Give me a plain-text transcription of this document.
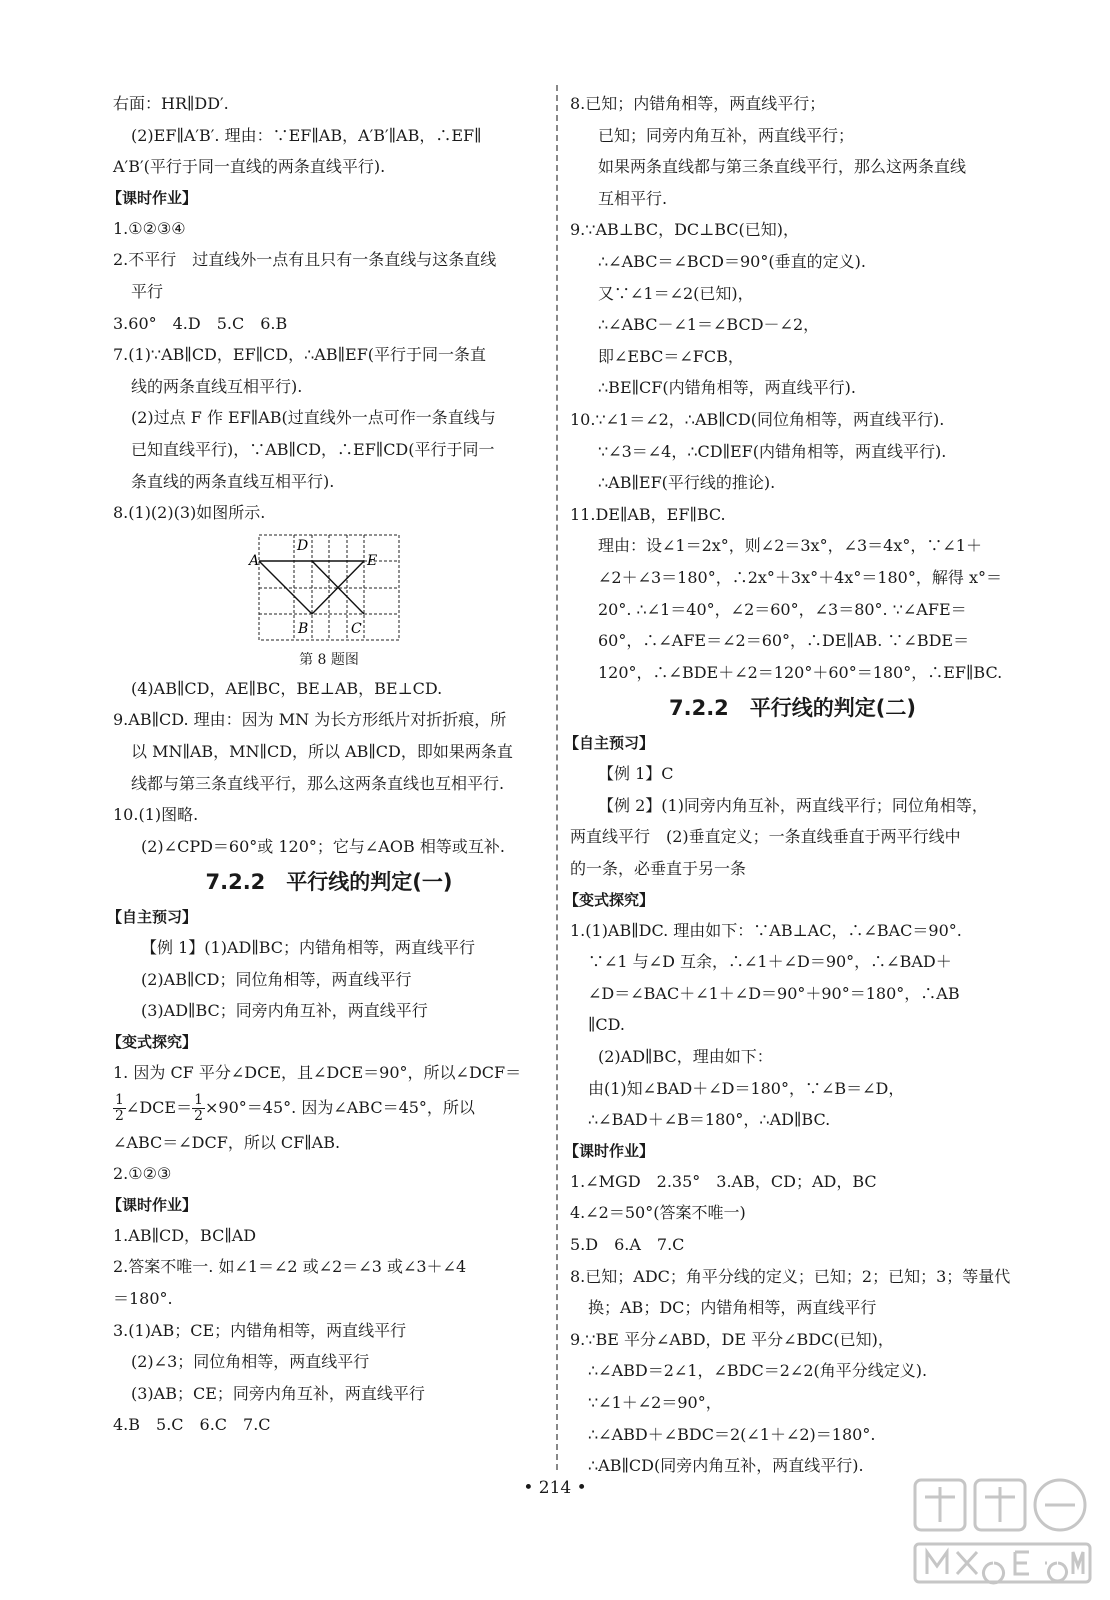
右面：HR∥DD′.
(2)EF∥A′B′. 理由：∵EF∥AB，A′B′∥AB，∴EF∥
A′B′(平行于同一直线的两条直线平行).
【课时作业】
1.①②③④
2.不平行　过直线外一点有且只有一条直线与这条直线
平行
3.60°　4.D　5.C　6.B
7.(1)∵AB∥CD，EF∥CD，∴AB∥EF(平行于同一条直
线的两条直线互相平行).
(2)过点 F 作 EF∥AB(过直线外一点可作一条直线与
已知直线平行)，∵AB∥CD，∴EF∥CD(平行于同一
条直线的两条直线互相平行).
8.(1)(2)(3)如图所示.
A
D
E
B	C
第 8 题图
(4)AB∥CD，AE∥BC，BE⊥AB，BE⊥CD.
9.AB∥CD. 理由：因为 MN 为长方形纸片对折折痕，所
以 MN∥AB，MN∥CD，所以 AB∥CD，即如果两条直
线都与第三条直线平行，那么这两条直线也互相平行.
10.(1)图略.
(2)∠CPD＝60°或 120°；它与∠AOB 相等或互补.
7.2.2　平行线的判定(一)
【自主预习】
【例 1】(1)AD∥BC；内错角相等，两直线平行
(2)AB∥CD；同位角相等，两直线平行
(3)AD∥BC；同旁内角互补，两直线平行
【变式探究】
1. 因为 CF 平分∠DCE，且∠DCE＝90°，所以∠DCF＝
$\frac{1}{2}$ ∠DCE＝ $\frac{1}{2} \times 90^\circ=45^\circ$. 因为∠ABC＝45°，所以
∠ABC＝∠DCF，所以 CF∥AB.
2.①②③
【课时作业】
1.AB∥CD，BC∥AD
2.答案不唯一. 如∠1＝∠2 或∠2＝∠3 或∠3＋∠4
＝180°.
3.(1)AB；CE；内错角相等，两直线平行
(2)∠3；同位角相等，两直线平行
(3)AB；CE；同旁内角互补，两直线平行
4.B　5.C　6.C　7.C
8.已知；内错角相等，两直线平行；
已知；同旁内角互补，两直线平行；
如果两条直线都与第三条直线平行，那么这两条直线
互相平行.
9.∵AB⊥BC，DC⊥BC(已知)，
∴∠ABC＝∠BCD＝90°(垂直的定义).
又∵∠1＝∠2(已知)，
∴∠ABC－∠1＝∠BCD－∠2，
即∠EBC＝∠FCB，
∴BE∥CF(内错角相等，两直线平行).
10.∵∠1＝∠2，∴AB∥CD(同位角相等，两直线平行).
∵∠3＝∠4，∴CD∥EF(内错角相等，两直线平行).
∴AB∥EF(平行线的推论).
11.DE∥AB，EF∥BC.
理由：设∠1＝2x°，则∠2＝3x°，∠3＝4x°，∵∠1＋
∠2＋∠3＝180°，∴2x°＋3x°＋4x°＝180°，解得 x°＝
20°. ∴∠1＝40°，∠2＝60°，∠3＝80°. ∵∠AFE＝
60°，∴∠AFE＝∠2＝60°，∴DE∥AB. ∵∠BDE＝
120°，∴∠BDE＋∠2＝120°＋60°＝180°，∴EF∥BC.
7.2.2　平行线的判定(二)
【自主预习】
【例 1】C
【例 2】(1)同旁内角互补，两直线平行；同位角相等，
两直线平行　(2)垂直定义；一条直线垂直于两平行线中
的一条，必垂直于另一条
【变式探究】
1.(1)AB∥DC. 理由如下：∵AB⊥AC，∴∠BAC＝90°.
∵∠1 与∠D 互余，∴∠1＋∠D＝90°，∴∠BAD＋
∠D＝∠BAC＋∠1＋∠D＝90°＋90°＝180°，∴AB
∥CD.
(2)AD∥BC，理由如下：
由(1)知∠BAD＋∠D＝180°，∵∠B＝∠D，
∴∠BAD＋∠B＝180°，∴AD∥BC.
【课时作业】
1.∠MGD　2.35°　3.AB，CD；AD，BC
4.∠2＝50°(答案不唯一)
5.D　6.A　7.C
8.已知；ADC；角平分线的定义；已知；2；已知；3；等量代
换；AB；DC；内错角相等，两直线平行
9.∵BE 平分∠ABD，DE 平分∠BDC(已知)，
∴∠ABD＝2∠1，∠BDC＝2∠2(角平分线定义).
∵∠1＋∠2＝90°，
∴∠ABD＋∠BDC＝2(∠1＋∠2)＝180°.
∴AB∥CD(同旁内角互补，两直线平行).
• 214 •
